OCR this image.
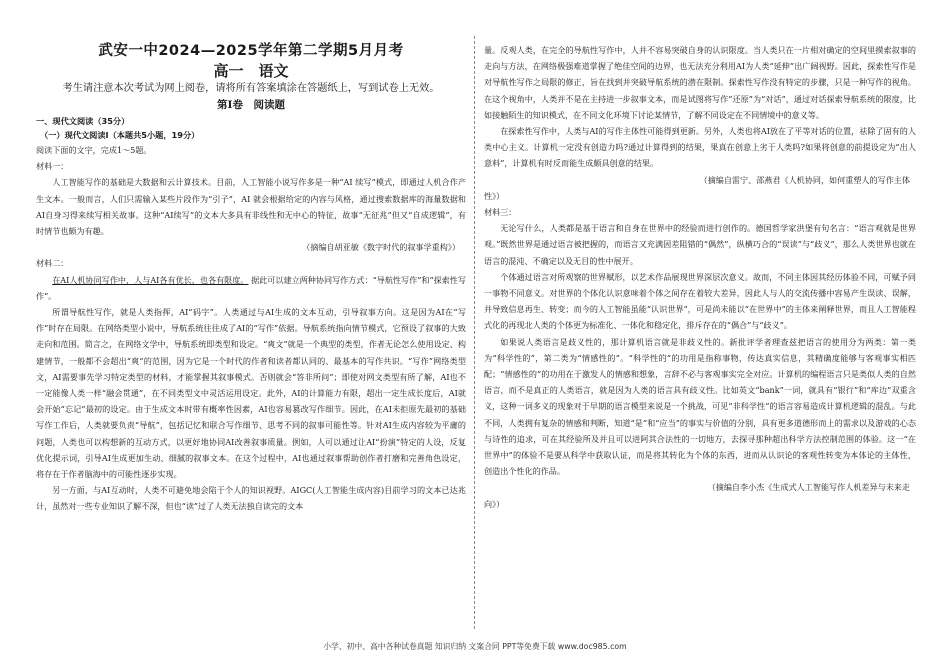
武安一中2024—2025学年第二学期5月月考

高一　语文

考生请注意本次考试为网上阅卷，请将所有答案填涂在答题纸上，写到试卷上无效。

第Ⅰ卷　阅读题

一、现代文阅读（35分）

（一）现代文阅读Ⅰ（本题共5小题，19分）

阅读下面的文字，完成1～5题。

材料一：

人工智能写作的基础是大数据和云计算技术。目前，人工智能小说写作多是一种“AI 续写”模式，即通过人机合作产生文本。一般而言，人们只需输入某些片段作为“引子”，AI 就会根据给定的内容与风格，通过搜索数据库的海量数据和AI自身习得来续写相关故事。这种“AI续写”的文本大多具有非线性和无中心的特征，故事“无征兆”但又“自成逻辑”，有时情节也颇为有趣。

（摘编自胡亚敏《数字时代的叙事学重构》）

材料二：

在AI人机协同写作中，人与AI各有优长，也各有限度。 据此可以建立两种协同写作方式：“导航性写作”和“探索性写作”。

所谓导航性写作，就是人类指挥，AI“码字”。人类通过与AI生成的文本互动，引导叙事方向。这是因为AI在“写作”时存在局限。在网络类型小说中，导航系统往往成了AI的“写作”依据。导航系统指向情节模式，它预设了叙事的大致走向和范围。简言之，在网络文学中，导航系统即类型和设定。“爽文”就是一个典型的类型，作者无论怎么使用设定、构建情节，一般都不会超出“爽”的范围，因为它是一个时代的作者和读者都认同的、最基本的写作共识。“写作”网络类型文，AI需要事先学习特定类型的材料，才能掌握其叙事模式。否则就会“答非所问”；即使对网文类型有所了解，AI也不一定能像人类一样“融会贯通”，在不同类型文中灵活运用设定。此外，AI的计算能力有限，超出一定生成长度后，AI就会开始“忘记”最初的设定。由于生成文本时带有概率性因素，AI也容易篡改写作细节。因此，在AI未拒原先最初的基础写作工作后，人类就要负责“导航”，包括记忆和联合写作细节、思考不同的叙事可能性等。针对AI生成内容较为平庸的问题，人类也可以构想新的互动方式，以更好地协同AI改善叙事质量。例如，人可以通过让AI“扮演”特定的人设，反复优化提示词，引导AI生成更加生动、细腻的叙事文本。在这个过程中，AI也通过叙事帮助创作者打磨和完善角色设定，将存在于作者脑海中的可能性逐步实现。

另一方面，与AI互动时，人类不可避免地会陷于个人的知识视野。AIGC(人工智能生成内容)目前学习的文本已达兆计，虽然对一些专业知识了解不深，但也“读”过了人类无法独自读完的文本

量。反观人类，在完全的导航性写作中，人并不容易突破自身的认识限度。当人类只在一片相对确定的空间里摸索叙事的走向与方法，在网络极强难道掌握了绝佳空间的边界，也无法充分利用AI为人类“延伸”出广阔视野。因此，探索性写作是对导航性写作之局限的修正，旨在找到并突破导航系统的潜在限制。探索性写作没有特定的步骤，只是一种写作的视角。在这个视角中，人类并不是在主持进一步叙事文本，而是试图将写作“还原”为“对话”，通过对话探索导航系统的限度，比如接触陌生的知识模式，在不同文化环境下讨论某情节，了解不同设定在不同情境中的意义等。

在探索性写作中，人类与AI的写作主体性可能得到更新。另外，人类也将AI放在了平等对话的位置，祛除了固有的人类中心主义。计算机一定没有创造力吗?通过计算得到的结果，果真在创意上劣于人类吗?如果将创意的前提设定为“出人意料”，计算机有时反而能生成颇具创意的结果。

（摘编自雷宁、邵燕君《人机协同，如何重塑人的写作主体

性》）

材料三：

无论写什么，人类都是基于语言和自身在世界中的经验而进行创作的。德国哲学家洪堡有句名言：“语言观就是世界观。”既然世界是通过语言被把握的，而语言又充满因差阻错的“偶然”，纵横巧合的“误读”与“歧义”，那么人类世界也就在语言的混沌、不确定以及无目的性中展开。

个体通过语言对所观察的世界赋形，以艺术作品展现世界深层次意义。故而，不同主体因其经历体验不同，可赋予同一事物不同意义。对世界的个体化认识意味着个体之间存在着较大差异，因此人与人的交流传播中容易产生误读、误解，并导致信息再生、转变；而今的人工智能虽能“认识世界”，可是尚未能以“在世界中”的主体来阐释世界，而且人工智能程式化的再现北人类的个体更为标准化、一体化和稳定化，排斥存在的“偶合”与“歧义”。

如果说人类语言是歧义性的，那计算机语言就是非歧义性的。新批评学者理查兹把语言的使用分为两类：第一类为“科学性的”，第二类为“情感性的”。“科学性的”的功用是指称事物，传达真实信息，其精确度能够与客观事实相匹配；“情感性的”的功用在于激发人的情感和想象，言辞不必与客观事实完全对应。计算机的编程语言只是类似人类的自然语言，而不是真正的人类语言，就是因为人类的语言具有歧义性。比如英文“bank”一词，就具有“银行”和“库边”双重含义，这种一词多义的现象对于早期的语言模型来说是一个挑战，可见“非科学性”的语言容易造成计算机逻辑的混乱。与此不同，人类拥有复杂的情感和判断，知道“是”和“应当”的事实与价值的分别，具有更多道德形而上的需求以及游戏的心态与诗性的追求，可在其经验所及并且可以进阿其合法性的一切地方，去探寻那种超出科学方法控制范围的体验。这一“在世界中”的体验不是要从科学中获取认证，而是将其转化为个体的东西，进而从认识论的客观性转变为本体论的主体性，创造出个性化的作品。

（摘编自李小杰《生成式人工智能写作人机差异与未来走

向》）

小学、初中、高中各种试卷真题 知识归纳 文案合同 PPT等免费下载 www.doc985.com
